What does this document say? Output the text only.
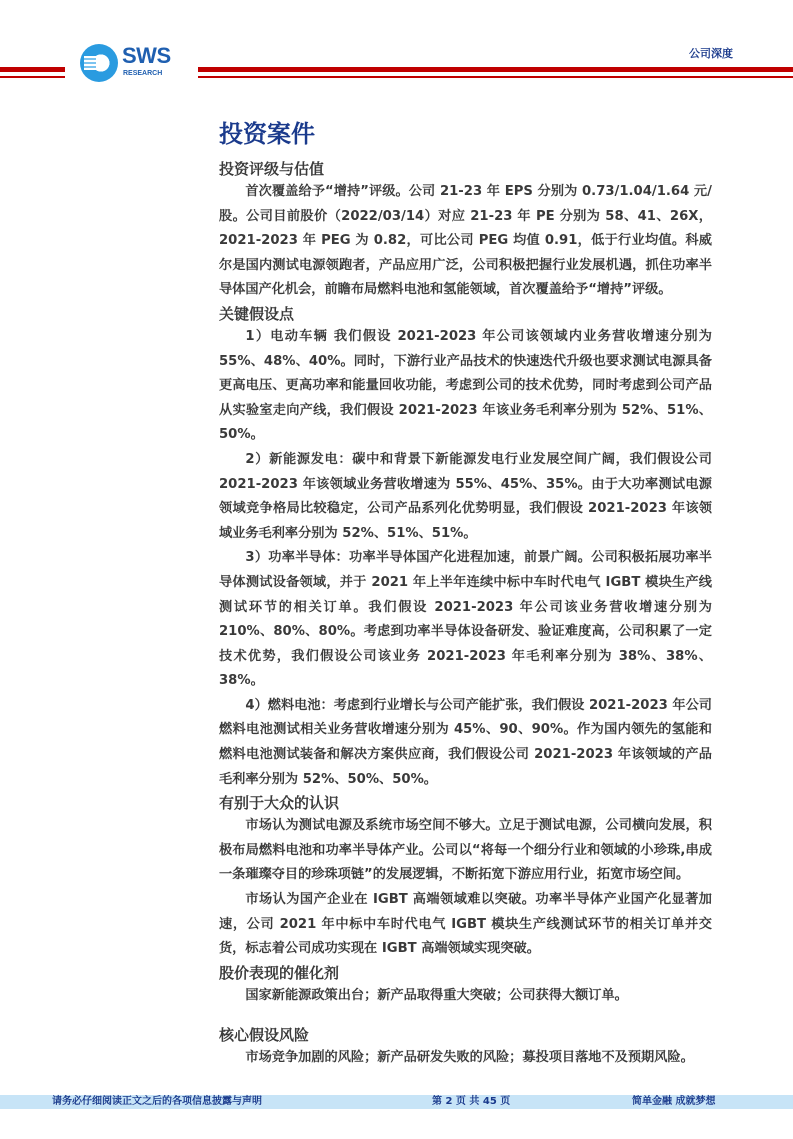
SWS
RESEARCH
公司深度
投资案件
投资评级与估值

首次覆盖给予“增持”评级。公司 21-23 年 EPS 分别为 0.73/1.04/1.64 元/股。公司目前股价（2022/03/14）对应 21-23 年 PE 分别为 58、41、26X，2021-2023 年 PEG 为 0.82，可比公司 PEG 均值 0.91，低于行业均值。科威尔是国内测试电源领跑者，产品应用广泛，公司积极把握行业发展机遇，抓住功率半导体国产化机会，前瞻布局燃料电池和氢能领域，首次覆盖给予“增持”评级。

关键假设点

1）电动车辆 我们假设 2021-2023 年公司该领域内业务营收增速分别为 55%、48%、40%。同时，下游行业产品技术的快速迭代升级也要求测试电源具备更高电压、更高功率和能量回收功能，考虑到公司的技术优势，同时考虑到公司产品从实验室走向产线，我们假设 2021-2023 年该业务毛利率分别为 52%、51%、50%。

2）新能源发电：碳中和背景下新能源发电行业发展空间广阔，我们假设公司 2021-2023 年该领域业务营收增速为 55%、45%、35%。由于大功率测试电源领域竞争格局比较稳定，公司产品系列化优势明显，我们假设 2021-2023 年该领域业务毛利率分别为 52%、51%、51%。

3）功率半导体：功率半导体国产化进程加速，前景广阔。公司积极拓展功率半导体测试设备领域，并于 2021 年上半年连续中标中车时代电气 IGBT 模块生产线测试环节的相关订单。我们假设 2021-2023 年公司该业务营收增速分别为 210%、80%、80%。考虑到功率半导体设备研发、验证难度高，公司积累了一定技术优势，我们假设公司该业务 2021-2023 年毛利率分别为 38%、38%、38%。

4）燃料电池：考虑到行业增长与公司产能扩张，我们假设 2021-2023 年公司燃料电池测试相关业务营收增速分别为 45%、90、90%。作为国内领先的氢能和燃料电池测试装备和解决方案供应商，我们假设公司 2021-2023 年该领域的产品毛利率分别为 52%、50%、50%。

有别于大众的认识

市场认为测试电源及系统市场空间不够大。立足于测试电源，公司横向发展，积极布局燃料电池和功率半导体产业。公司以“将每一个细分行业和领域的小珍珠,串成一条璀璨夺目的珍珠项链”的发展逻辑，不断拓宽下游应用行业，拓宽市场空间。

市场认为国产企业在 IGBT 高端领域难以突破。功率半导体产业国产化显著加速，公司 2021 年中标中车时代电气 IGBT 模块生产线测试环节的相关订单并交货，标志着公司成功实现在 IGBT 高端领域实现突破。

股价表现的催化剂

国家新能源政策出台；新产品取得重大突破；公司获得大额订单。

核心假设风险

市场竞争加剧的风险；新产品研发失败的风险；募投项目落地不及预期风险。

请务必仔细阅读正文之后的各项信息披露与声明	第 2 页 共 45 页	简单金融 成就梦想
